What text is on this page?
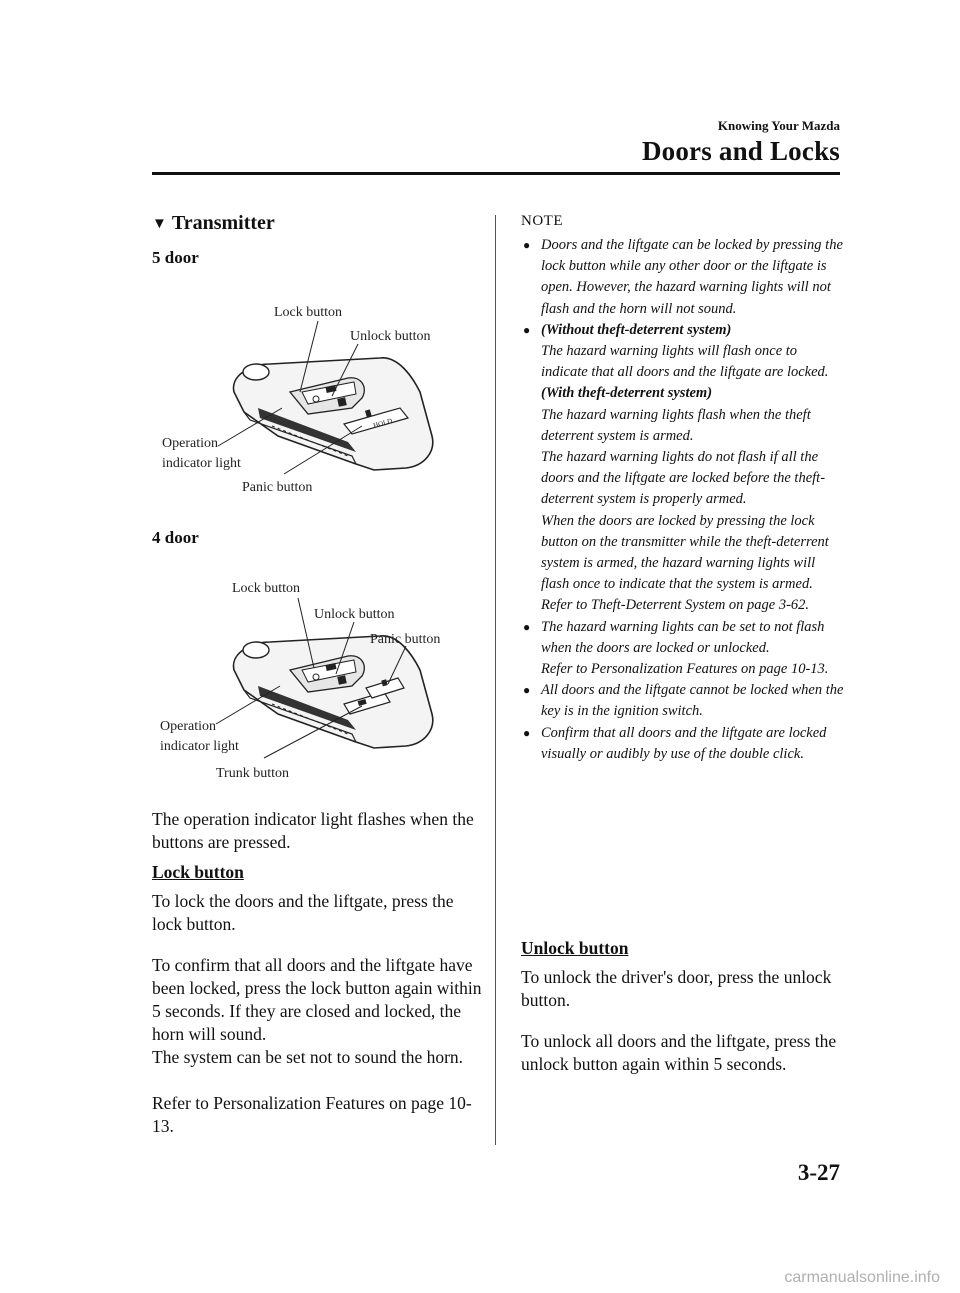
Knowing Your Mazda
Doors and Locks
▼ Transmitter
5 door
HOLD
Lock button
Unlock button
Operation
indicator light
Panic button
4 door
Lock button
Unlock button
Panic button
Operation
indicator light
Trunk button
The operation indicator light flashes when the buttons are pressed.
Lock button
To lock the doors and the liftgate, press the lock button.
To confirm that all doors and the liftgate have been locked, press the lock button again within 5 seconds. If they are closed and locked, the horn will sound.
The system can be set not to sound the horn.
Refer to Personalization Features on page 10-13.
NOTE
● Doors and the liftgate can be locked by pressing the lock button while any other door or the liftgate is open. However, the hazard warning lights will not flash and the horn will not sound.
● (Without theft-deterrent system)
The hazard warning lights will flash once to indicate that all doors and the liftgate are locked.
(With theft-deterrent system)
The hazard warning lights flash when the theft deterrent system is armed.
The hazard warning lights do not flash if all the doors and the liftgate are locked before the theft-deterrent system is properly armed.
When the doors are locked by pressing the lock button on the transmitter while the theft-deterrent system is armed, the hazard warning lights will flash once to indicate that the system is armed.
Refer to Theft-Deterrent System on page 3-62.
● The hazard warning lights can be set to not flash when the doors are locked or unlocked.
Refer to Personalization Features on page 10-13.
● All doors and the liftgate cannot be locked when the key is in the ignition switch.
● Confirm that all doors and the liftgate are locked visually or audibly by use of the double click.
Unlock button
To unlock the driver's door, press the unlock button.
To unlock all doors and the liftgate, press the unlock button again within 5 seconds.
3-27
carmanualsonline.info
